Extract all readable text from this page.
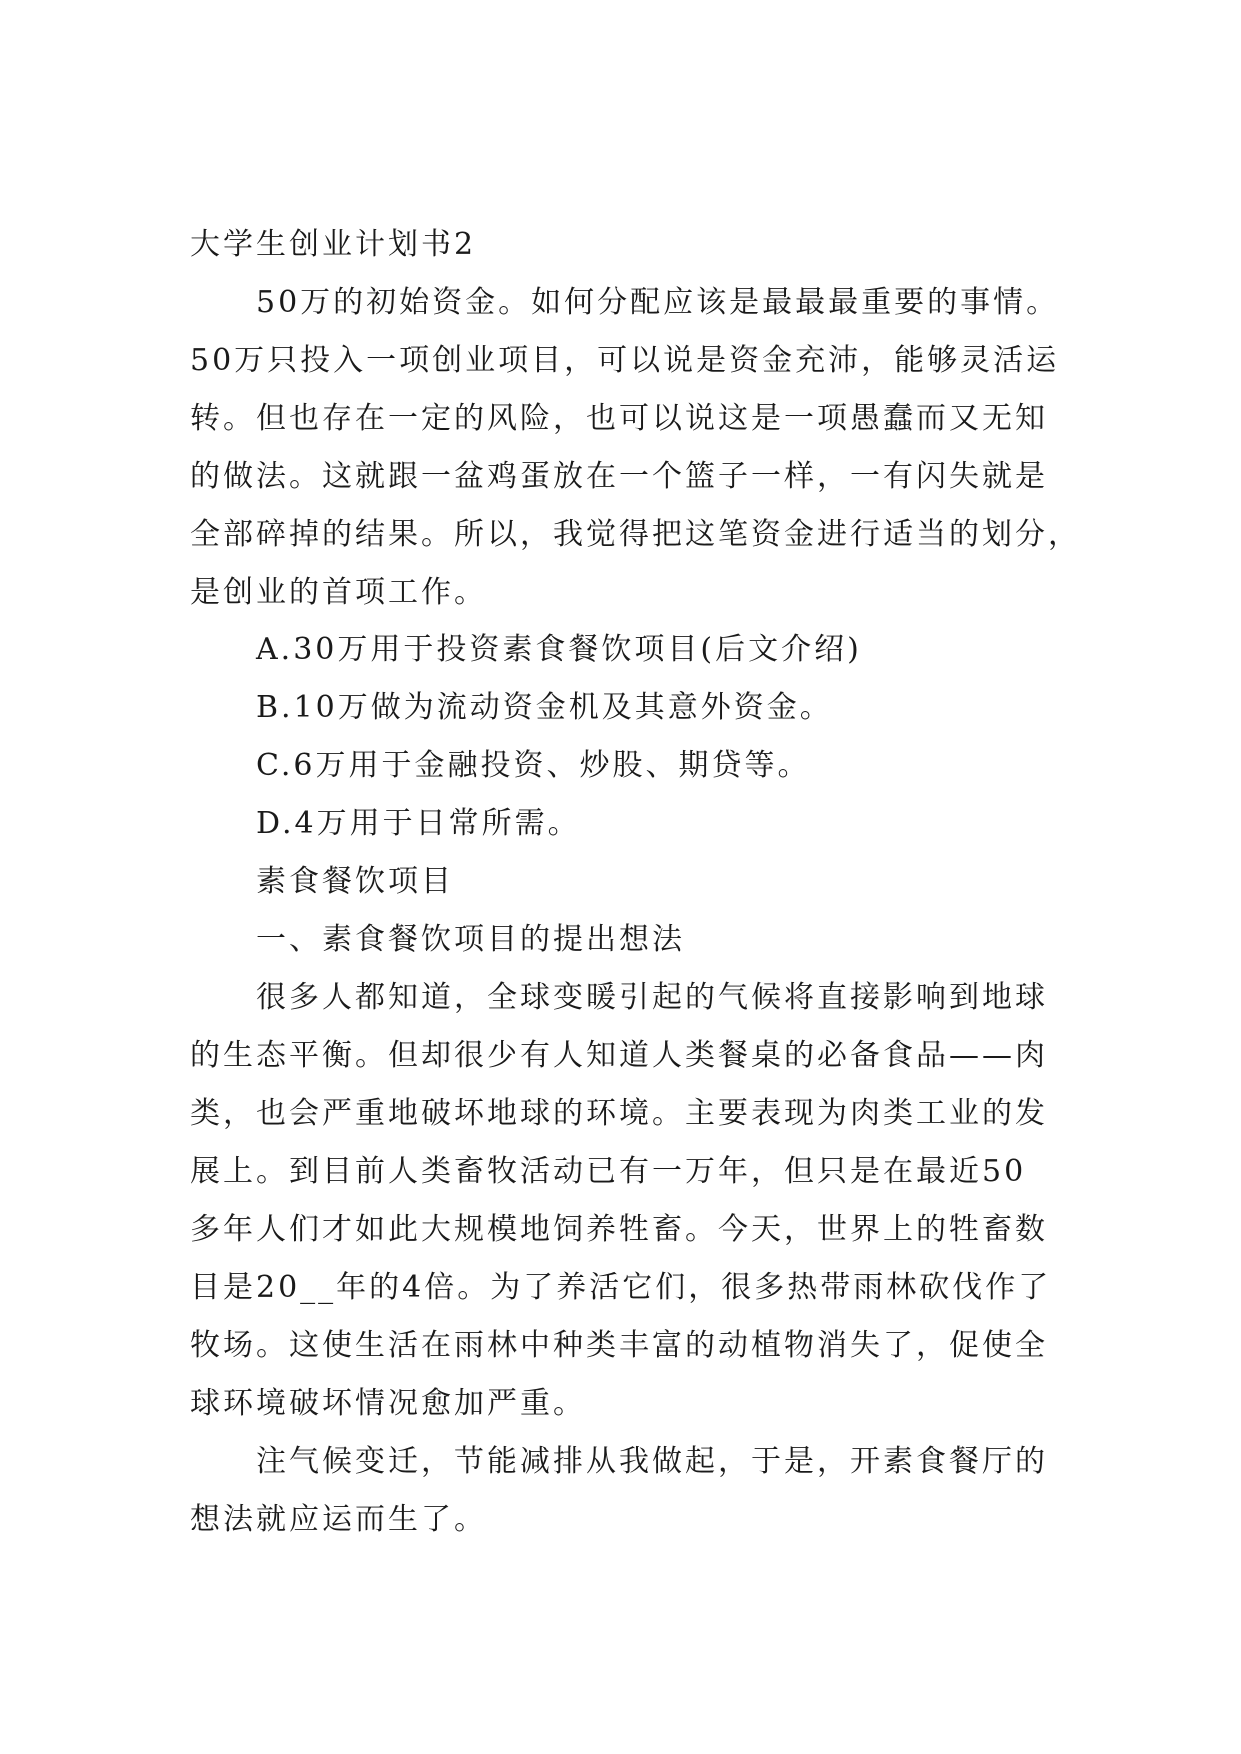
大学生创业计划书2
50万的初始资金。如何分配应该是最最最重要的事情。
50万只投入一项创业项目，可以说是资金充沛，能够灵活运
转。但也存在一定的风险，也可以说这是一项愚蠢而又无知
的做法。这就跟一盆鸡蛋放在一个篮子一样，一有闪失就是
全部碎掉的结果。所以，我觉得把这笔资金进行适当的划分，
是创业的首项工作。
A.30万用于投资素食餐饮项目(后文介绍)
B.10万做为流动资金机及其意外资金。
C.6万用于金融投资、炒股、期贷等。
D.4万用于日常所需。
素食餐饮项目
一、素食餐饮项目的提出想法
很多人都知道，全球变暖引起的气候将直接影响到地球
的生态平衡。但却很少有人知道人类餐桌的必备食品——肉
类，也会严重地破坏地球的环境。主要表现为肉类工业的发
展上。到目前人类畜牧活动已有一万年，但只是在最近50
多年人们才如此大规模地饲养牲畜。今天，世界上的牲畜数
目是20__年的4倍。为了养活它们，很多热带雨林砍伐作了
牧场。这使生活在雨林中种类丰富的动植物消失了，促使全
球环境破坏情况愈加严重。
注气候变迁，节能减排从我做起，于是，开素食餐厅的
想法就应运而生了。
